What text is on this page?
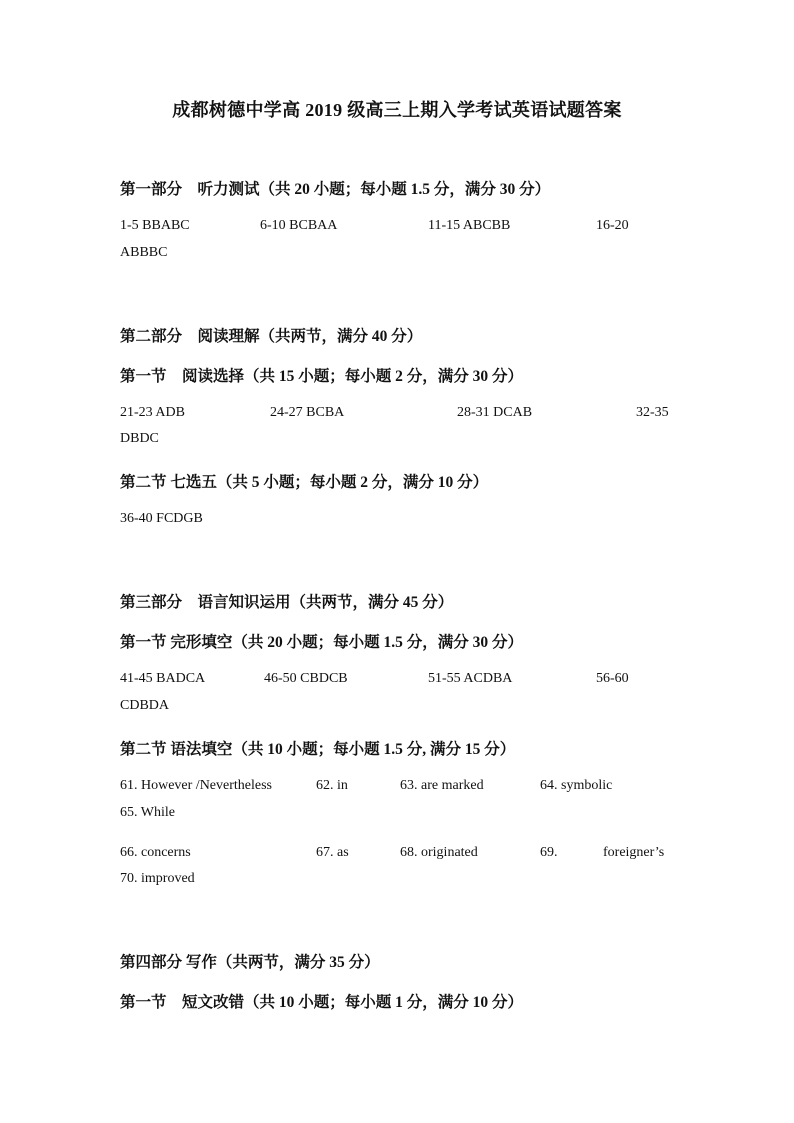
成都树德中学高 2019 级高三上期入学考试英语试题答案
第一部分　听力测试（共 20 小题；每小题 1.5 分，满分 30 分）
1-5 BBABC	6-10 BCBAA	11-15 ABCBB	16-20
ABBBC
第二部分　阅读理解（共两节，满分 40 分）
第一节　阅读选择（共 15 小题；每小题 2 分，满分 30 分）
21-23 ADB	24-27 BCBA	28-31 DCAB	32-35
DBDC
第二节 七选五（共 5 小题；每小题 2 分，满分 10 分）
36-40 FCDGB
第三部分　语言知识运用（共两节，满分 45 分）
第一节 完形填空（共 20 小题；每小题 1.5 分，满分 30 分）
41-45 BADCA	46-50 CBDCB	51-55 ACDBA	56-60
CDBDA
第二节 语法填空（共 10 小题；每小题 1.5 分, 满分 15 分）
61. However /Nevertheless	62. in	63. are marked	64. symbolic
65. While
66. concerns	67. as	68. originated	69.	foreigner’s
70. improved
第四部分 写作（共两节，满分 35 分）
第一节　短文改错（共 10 小题；每小题 1 分，满分 10 分）
